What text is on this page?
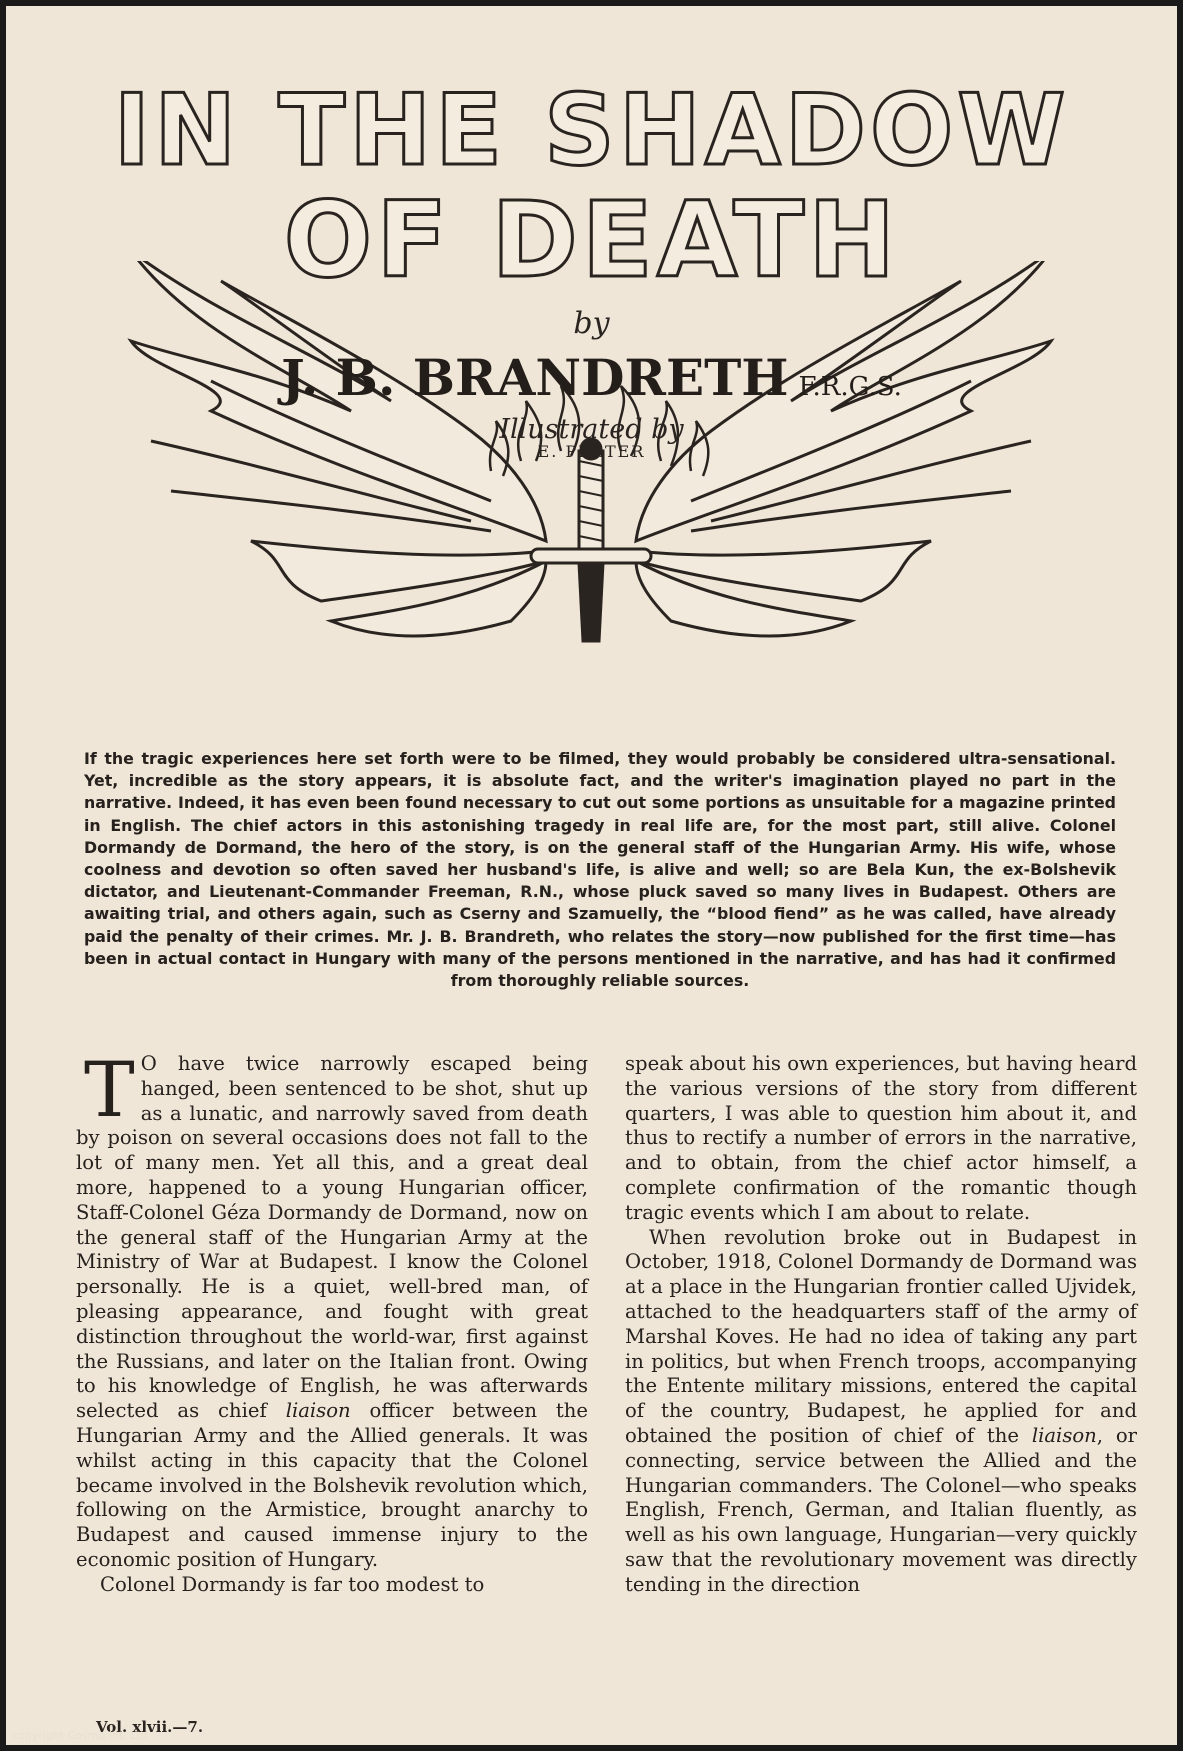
IN THE SHADOW
OF DEATH
by
J. B. BRANDRETH F.R.G.S.
Illustrated by
E. PRATER
If the tragic experiences here set forth were to be filmed, they would probably be considered ultra-sensational. Yet, incredible as the story appears, it is absolute fact, and the writer's imagination played no part in the narrative. Indeed, it has even been found necessary to cut out some portions as unsuitable for a magazine printed in English. The chief actors in this astonishing tragedy in real life are, for the most part, still alive. Colonel Dormandy de Dormand, the hero of the story, is on the general staff of the Hungarian Army. His wife, whose coolness and devotion so often saved her husband's life, is alive and well; so are Bela Kun, the ex-Bolshevik dictator, and Lieutenant-Commander Freeman, R.N., whose pluck saved so many lives in Budapest. Others are awaiting trial, and others again, such as Cserny and Szamuelly, the “blood fiend” as he was called, have already paid the penalty of their crimes. Mr. J. B. Brandreth, who relates the story—now published for the first time—has been in actual contact in Hungary with many of the persons mentioned in the narrative, and has had it confirmed from thoroughly reliable sources.

T O have twice narrowly escaped being hanged, been sentenced to be shot, shut up as a lunatic, and narrowly saved from death by poison on several occasions does not fall to the lot of many men. Yet all this, and a great deal more, happened to a young Hungarian officer, Staff-Colonel Géza Dormandy de Dormand, now on the general staff of the Hungarian Army at the Ministry of War at Budapest. I know the Colonel personally. He is a quiet, well-bred man, of pleasing appearance, and fought with great distinction throughout the world-war, first against the Russians, and later on the Italian front. Owing to his knowledge of English, he was afterwards selected as chief liaison officer between the Hungarian Army and the Allied generals. It was whilst acting in this capacity that the Colonel became involved in the Bolshevik revolution which, following on the Armistice, brought anarchy to Budapest and caused immense injury to the economic position of Hungary.

Colonel Dormandy is far too modest to

speak about his own experiences, but having heard the various versions of the story from different quarters, I was able to question him about it, and thus to rectify a number of errors in the narrative, and to obtain, from the chief actor himself, a complete confirmation of the romantic though tragic events which I am about to relate.

When revolution broke out in Budapest in October, 1918, Colonel Dormandy de Dormand was at a place in the Hungarian frontier called Ujvidek, attached to the headquarters staff of the army of Marshal Koves. He had no idea of taking any part in politics, but when French troops, accompanying the Entente military missions, entered the capital of the country, Budapest, he applied for and obtained the position of chief of the liaison, or connecting, service between the Allied and the Hungarian commanders. The Colonel—who speaks English, French, German, and Italian fluently, as well as his own language, Hungarian—very quickly saw that the revolutionary movement was directly tending in the direction

Vol. xlvii.—7.
copyright Cosmo Int. Ltd
